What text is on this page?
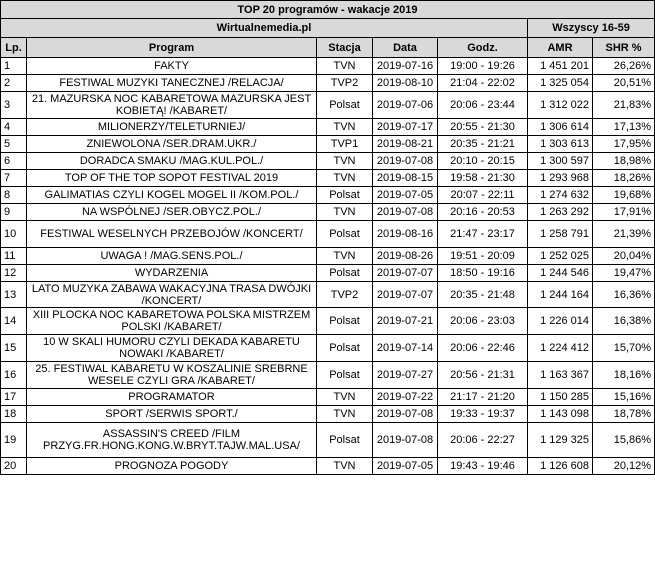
TOP 20 programów - wakacje 2019						
Wirtualnemedia.pl					Wszyscy 16-59	
Lp.	Program	Stacja	Data	Godz.	AMR	SHR %
1	FAKTY	TVN	2019-07-16	19:00 - 19:26	1 451 201	26,26%
2	FESTIWAL MUZYKI TANECZNEJ /RELACJA/	TVP2	2019-08-10	21:04 - 22:02	1 325 054	20,51%
3	21. MAZURSKA NOC KABARETOWA MAZURSKA JEST KOBIETĄ! /KABARET/	Polsat	2019-07-06	20:06 - 23:44	1 312 022	21,83%
4	MILIONERZY/TELETURNIEJ/	TVN	2019-07-17	20:55 - 21:30	1 306 614	17,13%
5	ZNIEWOLONA /SER.DRAM.UKR./	TVP1	2019-08-21	20:35 - 21:21	1 303 613	17,95%
6	DORADCA SMAKU /MAG.KUL.POL./	TVN	2019-07-08	20:10 - 20:15	1 300 597	18,98%
7	TOP OF THE TOP SOPOT FESTIVAL 2019	TVN	2019-08-15	19:58 - 21:30	1 293 968	18,26%
8	GALIMATIAS CZYLI KOGEL MOGEL II /KOM.POL./	Polsat	2019-07-05	20:07 - 22:11	1 274 632	19,68%
9	NA WSPÓLNEJ /SER.OBYCZ.POL./	TVN	2019-07-08	20:16 - 20:53	1 263 292	17,91%
10	FESTIWAL WESELNYCH PRZEBOJÓW /KONCERT/	Polsat	2019-08-16	21:47 - 23:17	1 258 791	21,39%
11	UWAGA ! /MAG.SENS.POL./	TVN	2019-08-26	19:51 - 20:09	1 252 025	20,04%
12	WYDARZENIA	Polsat	2019-07-07	18:50 - 19:16	1 244 546	19,47%
13	LATO MUZYKA ZABAWA WAKACYJNA TRASA DWÓJKI /KONCERT/	TVP2	2019-07-07	20:35 - 21:48	1 244 164	16,36%
14	XIII PLOCKA NOC KABARETOWA POLSKA MISTRZEM POLSKI /KABARET/	Polsat	2019-07-21	20:06 - 23:03	1 226 014	16,38%
15	10 W SKALI HUMORU CZYLI DEKADA KABARETU NOWAKI /KABARET/	Polsat	2019-07-14	20:06 - 22:46	1 224 412	15,70%
16	25. FESTIWAL KABARETU W KOSZALINIE SREBRNE WESELE CZYLI GRA /KABARET/	Polsat	2019-07-27	20:56 - 21:31	1 163 367	18,16%
17	PROGRAMATOR	TVN	2019-07-22	21:17 - 21:20	1 150 285	15,16%
18	SPORT /SERWIS SPORT./	TVN	2019-07-08	19:33 - 19:37	1 143 098	18,78%
19	ASSASSIN'S CREED /FILM PRZYG.FR.HONG.KONG.W.BRYT.TAJW.MAL.USA/	Polsat	2019-07-08	20:06 - 22:27	1 129 325	15,86%
20	PROGNOZA POGODY	TVN	2019-07-05	19:43 - 19:46	1 126 608	20,12%
